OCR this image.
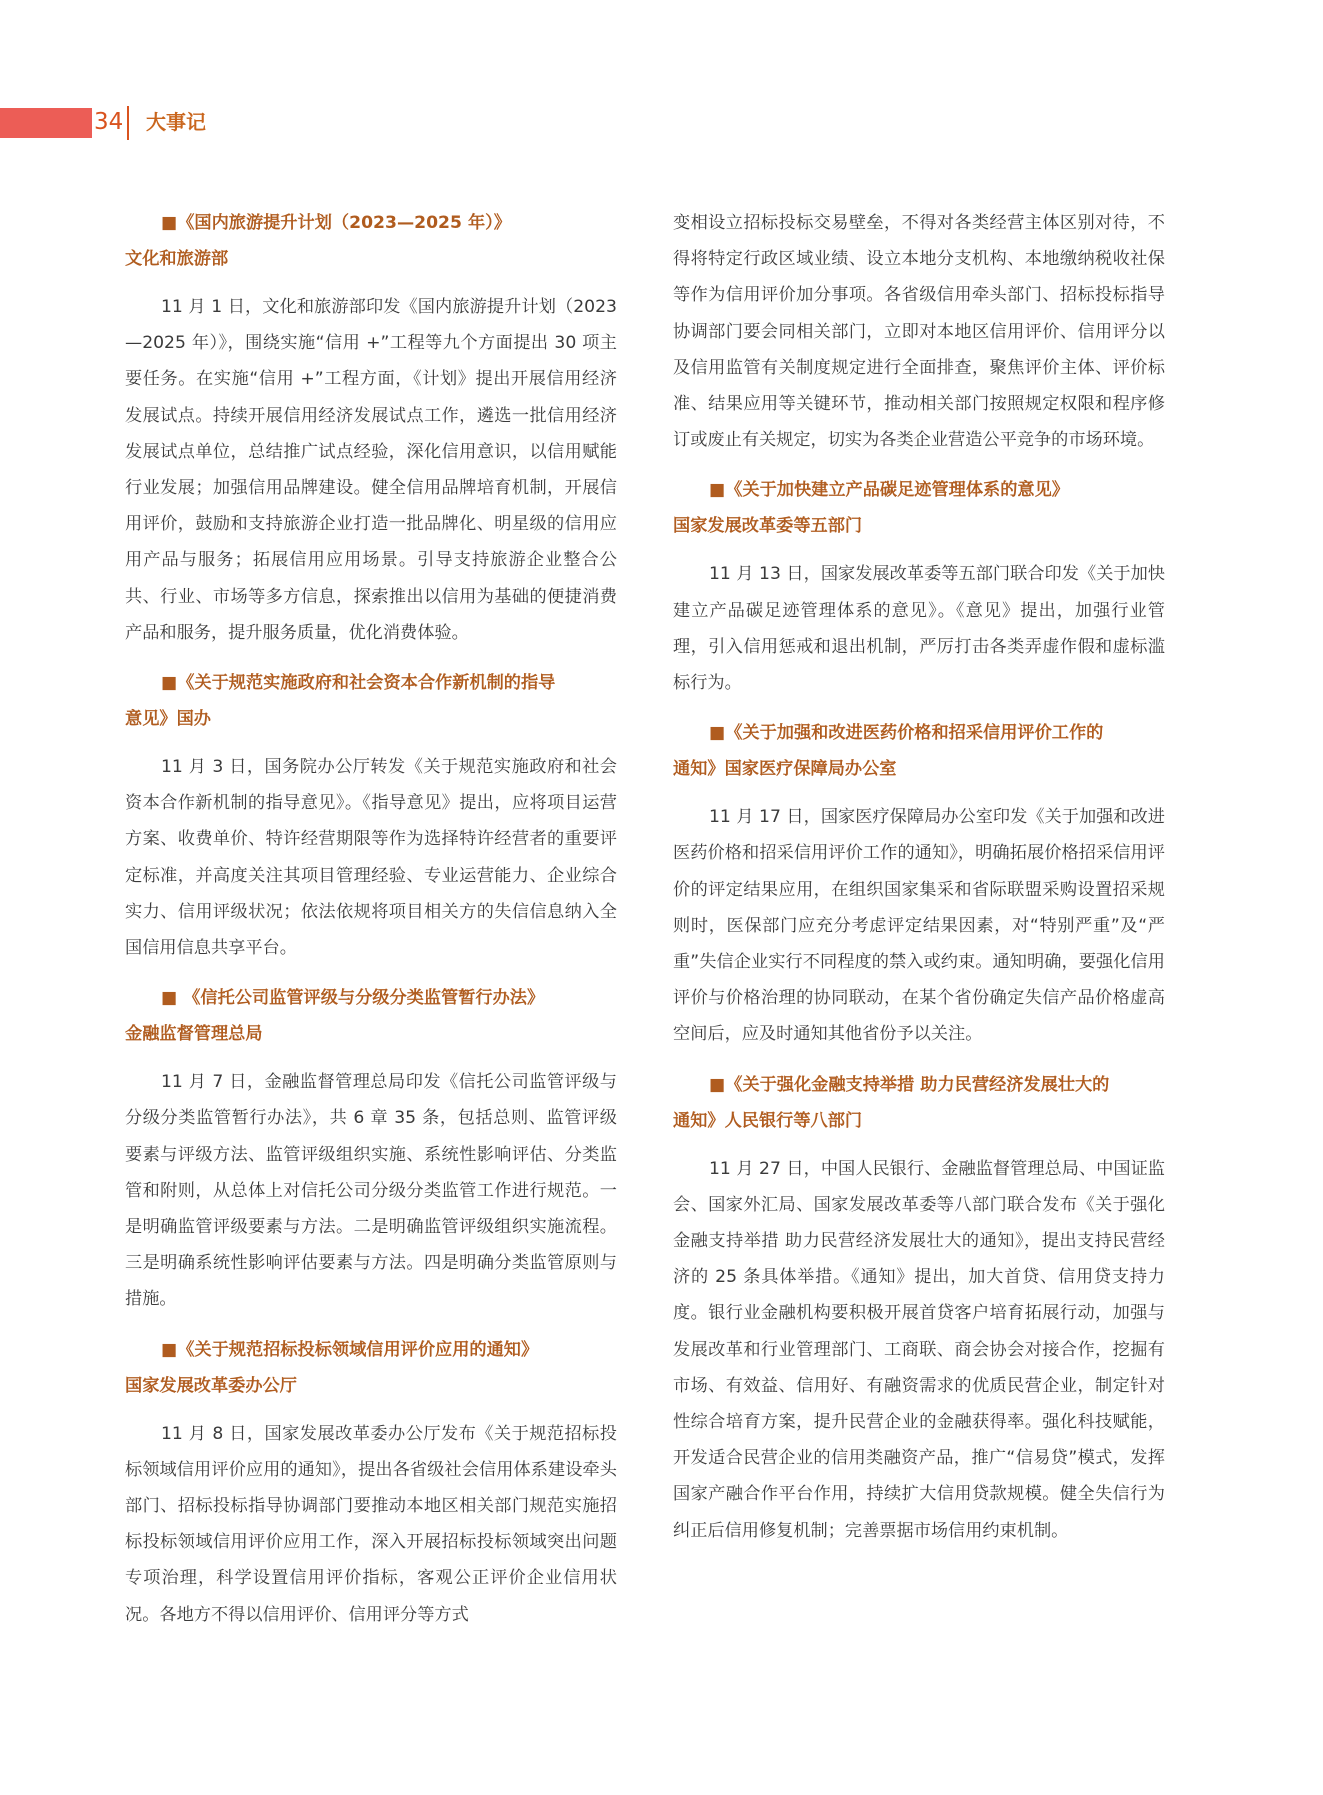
34 大事记
■《国内旅游提升计划（2023—2025 年）》
文化和旅游部

11 月 1 日，文化和旅游部印发《国内旅游提升计划（2023—2025 年）》，围绕实施“信用 +”工程等九个方面提出 30 项主要任务。在实施“信用 +”工程方面，《计划》提出开展信用经济发展试点。持续开展信用经济发展试点工作，遴选一批信用经济发展试点单位，总结推广试点经验，深化信用意识，以信用赋能行业发展；加强信用品牌建设。健全信用品牌培育机制，开展信用评价，鼓励和支持旅游企业打造一批品牌化、明星级的信用应用产品与服务；拓展信用应用场景。引导支持旅游企业整合公共、行业、市场等多方信息，探索推出以信用为基础的便捷消费产品和服务，提升服务质量，优化消费体验。

■《关于规范实施政府和社会资本合作新机制的指导
意见》国办

11 月 3 日，国务院办公厅转发《关于规范实施政府和社会资本合作新机制的指导意见》。《指导意见》提出，应将项目运营方案、收费单价、特许经营期限等作为选择特许经营者的重要评定标准，并高度关注其项目管理经验、专业运营能力、企业综合实力、信用评级状况；依法依规将项目相关方的失信信息纳入全国信用信息共享平台。

■ 《信托公司监管评级与分级分类监管暂行办法》
金融监督管理总局

11 月 7 日，金融监督管理总局印发《信托公司监管评级与分级分类监管暂行办法》，共 6 章 35 条，包括总则、监管评级要素与评级方法、监管评级组织实施、系统性影响评估、分类监管和附则，从总体上对信托公司分级分类监管工作进行规范。一是明确监管评级要素与方法。二是明确监管评级组织实施流程。三是明确系统性影响评估要素与方法。四是明确分类监管原则与措施。

■《关于规范招标投标领域信用评价应用的通知》
国家发展改革委办公厅

11 月 8 日，国家发展改革委办公厅发布《关于规范招标投标领域信用评价应用的通知》，提出各省级社会信用体系建设牵头部门、招标投标指导协调部门要推动本地区相关部门规范实施招标投标领域信用评价应用工作，深入开展招标投标领域突出问题专项治理，科学设置信用评价指标，客观公正评价企业信用状况。各地方不得以信用评价、信用评分等方式

变相设立招标投标交易壁垒，不得对各类经营主体区别对待，不得将特定行政区域业绩、设立本地分支机构、本地缴纳税收社保等作为信用评价加分事项。各省级信用牵头部门、招标投标指导协调部门要会同相关部门，立即对本地区信用评价、信用评分以及信用监管有关制度规定进行全面排查，聚焦评价主体、评价标准、结果应用等关键环节，推动相关部门按照规定权限和程序修订或废止有关规定，切实为各类企业营造公平竞争的市场环境。

■《关于加快建立产品碳足迹管理体系的意见》
国家发展改革委等五部门

11 月 13 日，国家发展改革委等五部门联合印发《关于加快建立产品碳足迹管理体系的意见》。《意见》提出，加强行业管理，引入信用惩戒和退出机制，严厉打击各类弄虚作假和虚标滥标行为。

■《关于加强和改进医药价格和招采信用评价工作的
通知》国家医疗保障局办公室

11 月 17 日，国家医疗保障局办公室印发《关于加强和改进医药价格和招采信用评价工作的通知》，明确拓展价格招采信用评价的评定结果应用，在组织国家集采和省际联盟采购设置招采规则时，医保部门应充分考虑评定结果因素，对“特别严重”及“严重”失信企业实行不同程度的禁入或约束。通知明确，要强化信用评价与价格治理的协同联动，在某个省份确定失信产品价格虚高空间后，应及时通知其他省份予以关注。

■《关于强化金融支持举措 助力民营经济发展壮大的
通知》人民银行等八部门

11 月 27 日，中国人民银行、金融监督管理总局、中国证监会、国家外汇局、国家发展改革委等八部门联合发布《关于强化金融支持举措 助力民营经济发展壮大的通知》，提出支持民营经济的 25 条具体举措。《通知》提出，加大首贷、信用贷支持力度。银行业金融机构要积极开展首贷客户培育拓展行动，加强与发展改革和行业管理部门、工商联、商会协会对接合作，挖掘有市场、有效益、信用好、有融资需求的优质民营企业，制定针对性综合培育方案，提升民营企业的金融获得率。强化科技赋能，开发适合民营企业的信用类融资产品，推广“信易贷”模式，发挥国家产融合作平台作用，持续扩大信用贷款规模。健全失信行为纠正后信用修复机制；完善票据市场信用约束机制。
